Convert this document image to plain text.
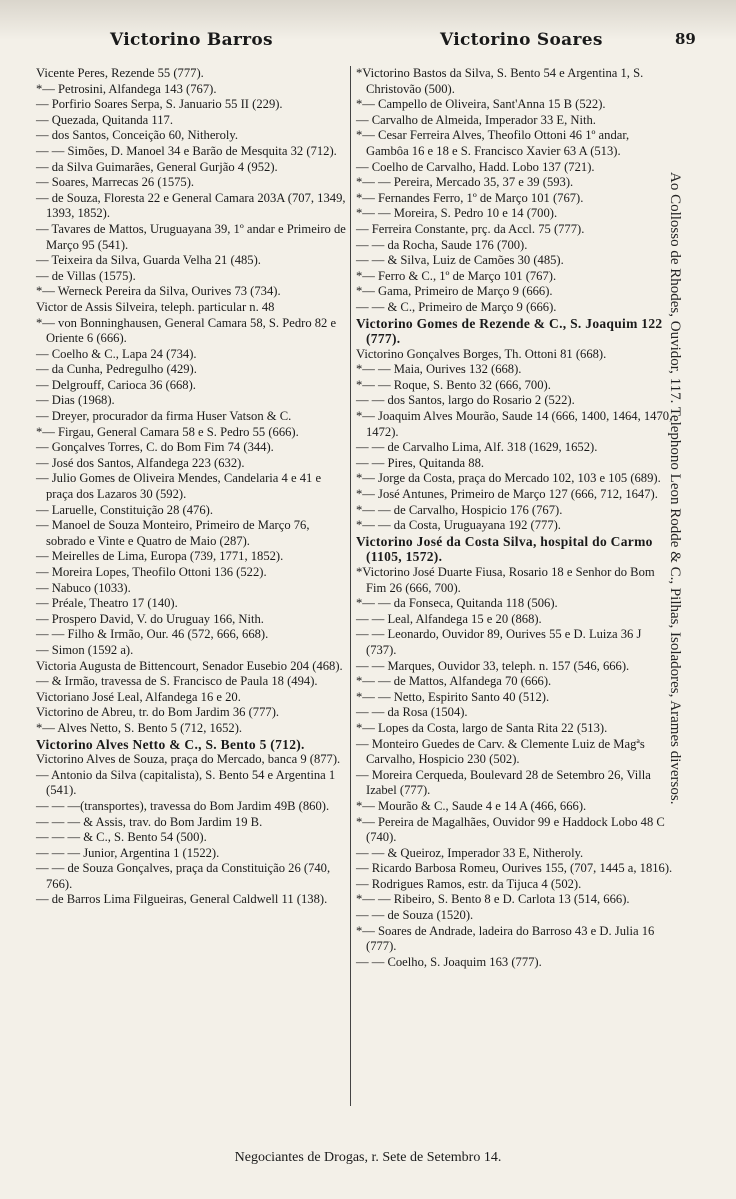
Victorino Barros	Victorino Soares	89

Vicente Peres, Rezende 55 (777).

*— Petrosini, Alfandega 143 (767).

— Porfirio Soares Serpa, S. Januario 55 II (229).

— Quezada, Quitanda 117.

— dos Santos, Conceição 60, Nitheroly.

— — Simões, D. Manoel 34 e Barão de Mesquita 32 (712).

— da Silva Guimarães, General Gurjão 4 (952).

— Soares, Marrecas 26 (1575).

— de Souza, Floresta 22 e General Camara 203A (707, 1349, 1393, 1852).

— Tavares de Mattos, Uruguayana 39, 1º andar e Primeiro de Março 95 (541).

— Teixeira da Silva, Guarda Velha 21 (485).

— de Villas (1575).

*— Werneck Pereira da Silva, Ourives 73 (734).

Victor de Assis Silveira, teleph. particular n. 48

*— von Bonninghausen, General Camara 58, S. Pedro 82 e Oriente 6 (666).

— Coelho & C., Lapa 24 (734).

— da Cunha, Pedregulho (429).

— Delgrouff, Carioca 36 (668).

— Dias (1968).

— Dreyer, procurador da firma Huser Vatson & C.

*— Firgau, General Camara 58 e S. Pedro 55 (666).

— Gonçalves Torres, C. do Bom Fim 74 (344).

— José dos Santos, Alfandega 223 (632).

— Julio Gomes de Oliveira Mendes, Candelaria 4 e 41 e praça dos Lazaros 30 (592).

— Laruelle, Constituição 28 (476).

— Manoel de Souza Monteiro, Primeiro de Março 76, sobrado e Vinte e Quatro de Maio (287).

— Meirelles de Lima, Europa (739, 1771, 1852).

— Moreira Lopes, Theofilo Ottoni 136 (522).

— Nabuco (1033).

— Préale, Theatro 17 (140).

— Prospero David, V. do Uruguay 166, Nith.

— — Filho & Irmão, Our. 46 (572, 666, 668).

— Simon (1592 a).

Victoria Augusta de Bittencourt, Senador Eusebio 204 (468).

— & Irmão, travessa de S. Francisco de Paula 18 (494).

Victoriano José Leal, Alfandega 16 e 20.

Victorino de Abreu, tr. do Bom Jardim 36 (777).

*— Alves Netto, S. Bento 5 (712, 1652).

Victorino Alves Netto & C., S. Bento 5 (712).

Victorino Alves de Souza, praça do Mercado, banca 9 (877).

— Antonio da Silva (capitalista), S. Bento 54 e Argentina 1 (541).

— — —(transportes), travessa do Bom Jardim 49B (860).

— — — & Assis, trav. do Bom Jardim 19 B.

— — — & C., S. Bento 54 (500).

— — — Junior, Argentina 1 (1522).

— — de Souza Gonçalves, praça da Constituição 26 (740, 766).

— de Barros Lima Filgueiras, General Caldwell 11 (138).

*Victorino Bastos da Silva, S. Bento 54 e Argentina 1, S. Christovão (500).

*— Campello de Oliveira, Sant'Anna 15 B (522).

— Carvalho de Almeida, Imperador 33 E, Nith.

*— Cesar Ferreira Alves, Theofilo Ottoni 46 1º andar, Gambôa 16 e 18 e S. Francisco Xavier 63 A (513).

— Coelho de Carvalho, Hadd. Lobo 137 (721).

*— — Pereira, Mercado 35, 37 e 39 (593).

*— Fernandes Ferro, 1º de Março 101 (767).

*— — Moreira, S. Pedro 10 e 14 (700).

— Ferreira Constante, prç. da Accl. 75 (777).

— — da Rocha, Saude 176 (700).

— — & Silva, Luiz de Camões 30 (485).

*— Ferro & C., 1º de Março 101 (767).

*— Gama, Primeiro de Março 9 (666).

— — & C., Primeiro de Março 9 (666).

Victorino Gomes de Rezende & C., S. Joaquim 122 (777).

Victorino Gonçalves Borges, Th. Ottoni 81 (668).

*— — Maia, Ourives 132 (668).

*— — Roque, S. Bento 32 (666, 700).

— — dos Santos, largo do Rosario 2 (522).

*— Joaquim Alves Mourão, Saude 14 (666, 1400, 1464, 1470, 1472).

— — de Carvalho Lima, Alf. 318 (1629, 1652).

— — Pires, Quitanda 88.

*— Jorge da Costa, praça do Mercado 102, 103 e 105 (689).

*— José Antunes, Primeiro de Março 127 (666, 712, 1647).

*— — de Carvalho, Hospicio 176 (767).

*— — da Costa, Uruguayana 192 (777).

Victorino José da Costa Silva, hospital do Carmo (1105, 1572).

*Victorino José Duarte Fiusa, Rosario 18 e Senhor do Bom Fim 26 (666, 700).

*— — da Fonseca, Quitanda 118 (506).

— — Leal, Alfandega 15 e 20 (868).

— — Leonardo, Ouvidor 89, Ourives 55 e D. Luiza 36 J (737).

— — Marques, Ouvidor 33, teleph. n. 157 (546, 666).

*— — de Mattos, Alfandega 70 (666).

*— — Netto, Espirito Santo 40 (512).

— — da Rosa (1504).

*— Lopes da Costa, largo de Santa Rita 22 (513).

— Monteiro Guedes de Carv. & Clemente Luiz de Magªs Carvalho, Hospicio 230 (502).

— Moreira Cerqueda, Boulevard 28 de Setembro 26, Villa Izabel (777).

*— Mourão & C., Saude 4 e 14 A (466, 666).

*— Pereira de Magalhães, Ouvidor 99 e Haddock Lobo 48 C (740).

— — & Queiroz, Imperador 33 E, Nitheroly.

— Ricardo Barbosa Romeu, Ourives 155, (707, 1445 a, 1816).

— Rodrigues Ramos, estr. da Tijuca 4 (502).

*— — Ribeiro, S. Bento 8 e D. Carlota 13 (514, 666).

— — de Souza (1520).

*— Soares de Andrade, ladeira do Barroso 43 e D. Julia 16 (777).

— — Coelho, S. Joaquim 163 (777).

Ao Collosso de Rhodes, Ouvidor, 117. Telephono Leon Rodde & C., Pilhas, Isoladores, Arames diversos.
Negociantes de Drogas, r. Sete de Setembro 14.
